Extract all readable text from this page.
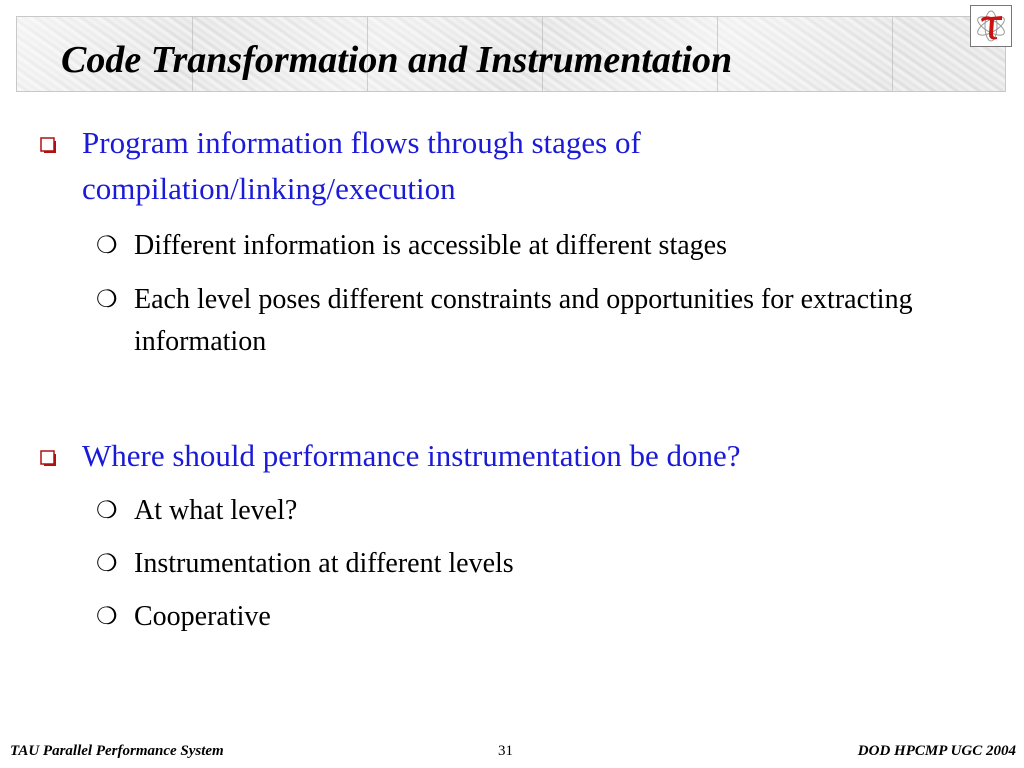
Code Transformation and Instrumentation
Program information flows through stages of compilation/linking/execution
❍ Different information is accessible at different stages
❍ Each level poses different constraints and opportunities for extracting information
Where should performance instrumentation be done?
❍ At what level?
❍ Instrumentation at different levels
❍ Cooperative
TAU Parallel Performance System	31	DOD HPCMP UGC 2004
